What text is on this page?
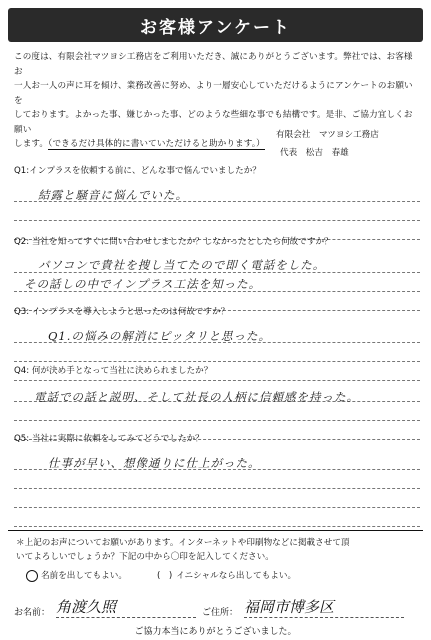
お客様アンケート
この度は、有限会社マツヨシ工務店をご利用いただき、誠にありがとうございます。弊社では、お客様お
一人お一人の声に耳を傾け、業務改善に努め、より一層安心していただけるようにアンケートのお願いを
しております。よかった事、嫌じかった事、どのような些細な事でも結構です。是非、ご協力宜しくお願い
します。（できるだけ具体的に書いていただけると助かります。）
有限会社　マツヨシ工務店
代表　松吉　春雄
Q1:インプラスを依頼する前に、どんな事で悩んでいましたか？
結露と騒音に悩んでいた。
Q2: 当社を知ってすぐに問い合わせしましたか？しなかったとしたら何故ですか？
パソコンで貴社を捜し当てたので即く電話をした。
その話しの中でインプラス工法を知った。
Q3: インプラスを導入しようと思ったのは何故ですか？
Q1.の悩みの解消にピッタリと思った。
Q4: 何が決め手となって当社に決められましたか？
電話での話と説明、そして社長の人柄に信頼感を持った。
Q5: 当社に実際に依頼をしてみてどうでしたか？
仕事が早い、想像通りに仕上がった。
＊上記のお声についてお願いがあります。インターネットや印刷物などに掲載させて頂
いてよろしいでしょうか？下記の中から〇印を記入してください。
名前を出してもよい。	(　) イニシャルなら出してもよい。
お名前： 角渡久照	ご住所： 福岡市博多区
ご協力本当にありがとうございました。
